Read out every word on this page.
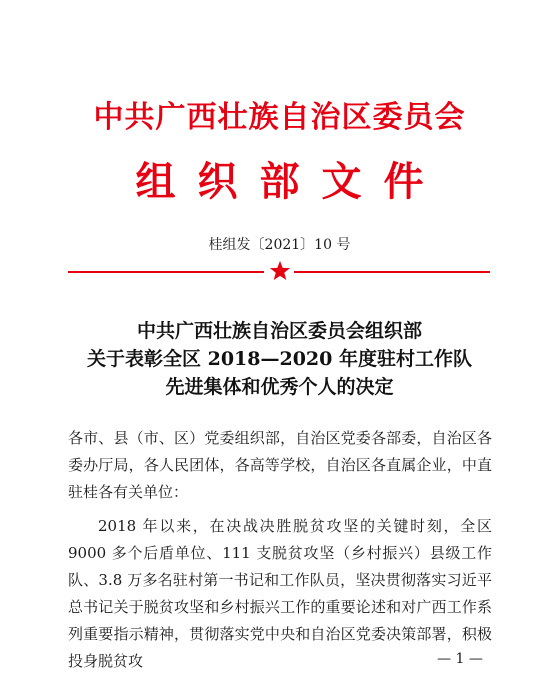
中共广西壮族自治区委员会
组织部文件
桂组发〔2021〕10 号
中共广西壮族自治区委员会组织部
关于表彰全区 2018—2020 年度驻村工作队
先进集体和优秀个人的决定
各市、县（市、区）党委组织部，自治区党委各部委，自治区各委办厅局，各人民团体，各高等学校，自治区各直属企业，中直驻桂各有关单位：
2018 年以来，在决战决胜脱贫攻坚的关键时刻，全区 9000 多个后盾单位、111 支脱贫攻坚（乡村振兴）县级工作队、3.8 万多名驻村第一书记和工作队员，坚决贯彻落实习近平总书记关于脱贫攻坚和乡村振兴工作的重要论述和对广西工作系列重要指示精神，贯彻落实党中央和自治区党委决策部署，积极投身脱贫攻	— 1 —
